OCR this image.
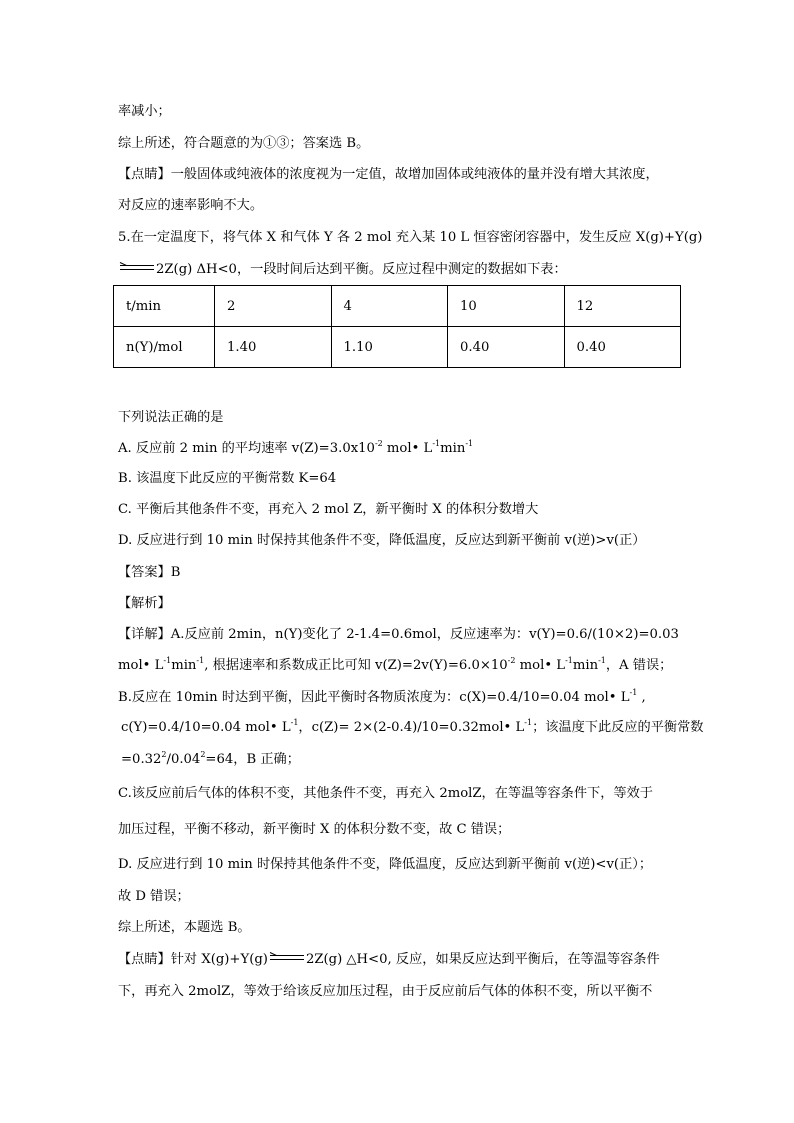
率减小；
综上所述，符合题意的为①③；答案选 B。
【点睛】一般固体或纯液体的浓度视为一定值，故增加固体或纯液体的量并没有增大其浓度，
对反应的速率影响不大。
5.在一定温度下，将气体 X 和气体 Y 各 2 mol 充入某 10 L 恒容密闭容器中，发生反应 X(g)+Y(g)
2Z(g) ΔH<0，一段时间后达到平衡。反应过程中测定的数据如下表：
t/min	2	4	10	12
n(Y)/mol	1.40	1.10	0.40	0.40
下列说法正确的是
A. 反应前 2 min 的平均速率 $v(Z)=3.0x10^{-2}$ mol• $L^{-1}\min^{-1}$
B. 该温度下此反应的平衡常数 K=64
C. 平衡后其他条件不变，再充入 2 mol Z，新平衡时 X 的体积分数增大
D. 反应进行到 10 min 时保持其他条件不变，降低温度，反应达到新平衡前 v(逆)>v(正）
【答案】B
【解析】
【详解】A.反应前 2min，n(Y)变化了 2-1.4=0.6mol，反应速率为：v(Y)=0.6/(10×2)=0.03
mol• $L^{-1}\min^{-1}$, 根据速率和系数成正比可知 $v(Z)=2v(Y)=6.0\times 10^{-2}$ mol• $L^{-1}\min^{-1}$，A 错误；
B.反应在 10min 时达到平衡，因此平衡时各物质浓度为：c(X)=0.4/10=0.04 mol• $L^{-1}$ ,
c(Y)=0.4/10=0.04 mol• $L^{-1}$，c(Z)= 2×(2-0.4)/10=0.32mol• $L^{-1}$；该温度下此反应的平衡常数
$=0.32^2/0.04^2=64$，B 正确；
C.该反应前后气体的体积不变，其他条件不变，再充入 2molZ，在等温等容条件下，等效于
加压过程，平衡不移动，新平衡时 X 的体积分数不变，故 C 错误；
D. 反应进行到 10 min 时保持其他条件不变，降低温度，反应达到新平衡前 v(逆)<v(正）；
故 D 错误；
综上所述，本题选 B。
【点睛】针对 X(g)+Y(g)	2Z(g) △H<0, 反应，如果反应达到平衡后，在等温等容条件
下，再充入 2molZ，等效于给该反应加压过程，由于反应前后气体的体积不变，所以平衡不
